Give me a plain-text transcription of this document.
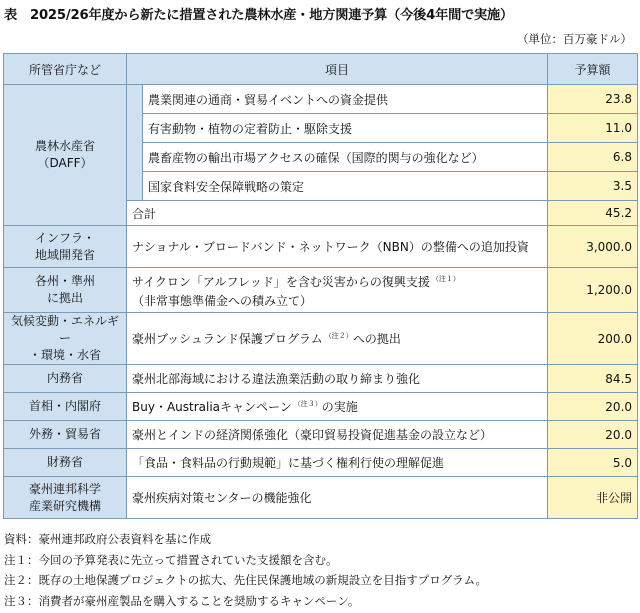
表　2025/26年度から新たに措置された農林水産・地方関連予算（今後4年間で実施）
（単位：百万豪ドル）
所管省庁など	項目		予算額
農林水産省
（DAFF）		農業関連の通商・貿易イベントへの資金提供	23.8
		有害動物・植物の定着防止・駆除支援	11.0
		農畜産物の輸出市場アクセスの確保（国際的関与の強化など）	6.8
		国家食料安全保障戦略の策定	3.5
	合計		45.2
インフラ・
地域開発省	ナショナル・ブロードバンド・ネットワーク（NBN）の整備への追加投資		3,000.0
各州・準州
に拠出	サイクロン「アルフレッド」を含む災害からの復興支援 $^{(注1)}$
（非常事態準備金への積み立て）		1,200.0
気候変動・エネルギー
・環境・水省	豪州ブッシュランド保護プログラム $^{(注2)}$への拠出		200.0
内務省	豪州北部海域における違法漁業活動の取り締まり強化		84.5
首相・内閣府	Buy・Australiaキャンペーン $^{(注3)}$の実施		20.0
外務・貿易省	豪州とインドの経済関係強化（豪印貿易投資促進基金の設立など）		20.0
財務省	「食品・食料品の行動規範」に基づく権利行使の理解促進		5.0
豪州連邦科学
産業研究機構	豪州疾病対策センターの機能強化		非公開
資料：豪州連邦政府公表資料を基に作成
注１：今回の予算発表に先立って措置されていた支援額を含む。
注２：既存の土地保護プロジェクトの拡大、先住民保護地域の新規設立を目指すプログラム。
注３：消費者が豪州産製品を購入することを奨励するキャンペーン。
